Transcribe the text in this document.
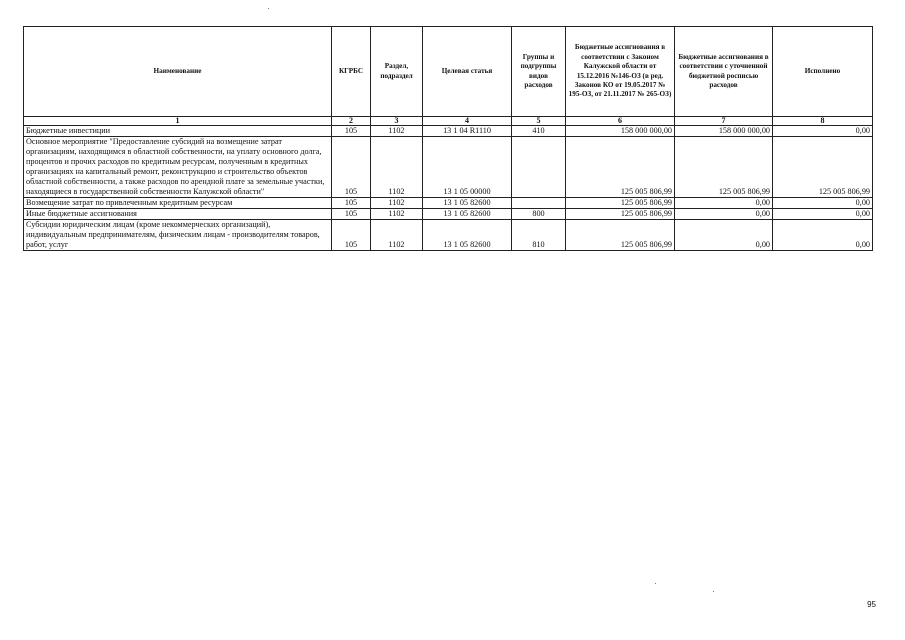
Наименование	КГРБС	Раздел, подраздел	Целевая статья	Группы и подгруппы видов расходов	Бюджетные ассигнования в соответствии с Законом Калужской области от 15.12.2016 №146-ОЗ (в ред. Законов КО от 19.05.2017 № 195-ОЗ, от 21.11.2017 № 265-ОЗ)	Бюджетные ассигнования в соответствии с уточненной бюджетной росписью расходов	Исполнено
1	2	3	4	5	6	7	8
Бюджетные инвестиции	105	1102	13 1 04 R1110	410	158 000 000,00	158 000 000,00	0,00
Основное мероприятие "Предоставление субсидий на возмещение затрат организациям, находящимся в областной собственности, на уплату основного долга, процентов и прочих расходов по кредитным ресурсам, полученным в кредитных организациях на капитальный ремонт, реконструкцию и строительство объектов областной собственности, а также расходов по арендной плате за земельные участки, находящиеся в государственной собственности Калужской области"	105	1102	13 1 05 00000		125 005 806,99	125 005 806,99	125 005 806,99
Возмещение затрат по привлеченным кредитным ресурсам	105	1102	13 1 05 82600		125 005 806,99	0,00	0,00
Иные бюджетные ассигнования	105	1102	13 1 05 82600	800	125 005 806,99	0,00	0,00
Субсидии юридическим лицам (кроме некоммерческих организаций), индивидуальным предпринимателям, физическим лицам - производителям товаров, работ, услуг	105	1102	13 1 05 82600	810	125 005 806,99	0,00	0,00
95
